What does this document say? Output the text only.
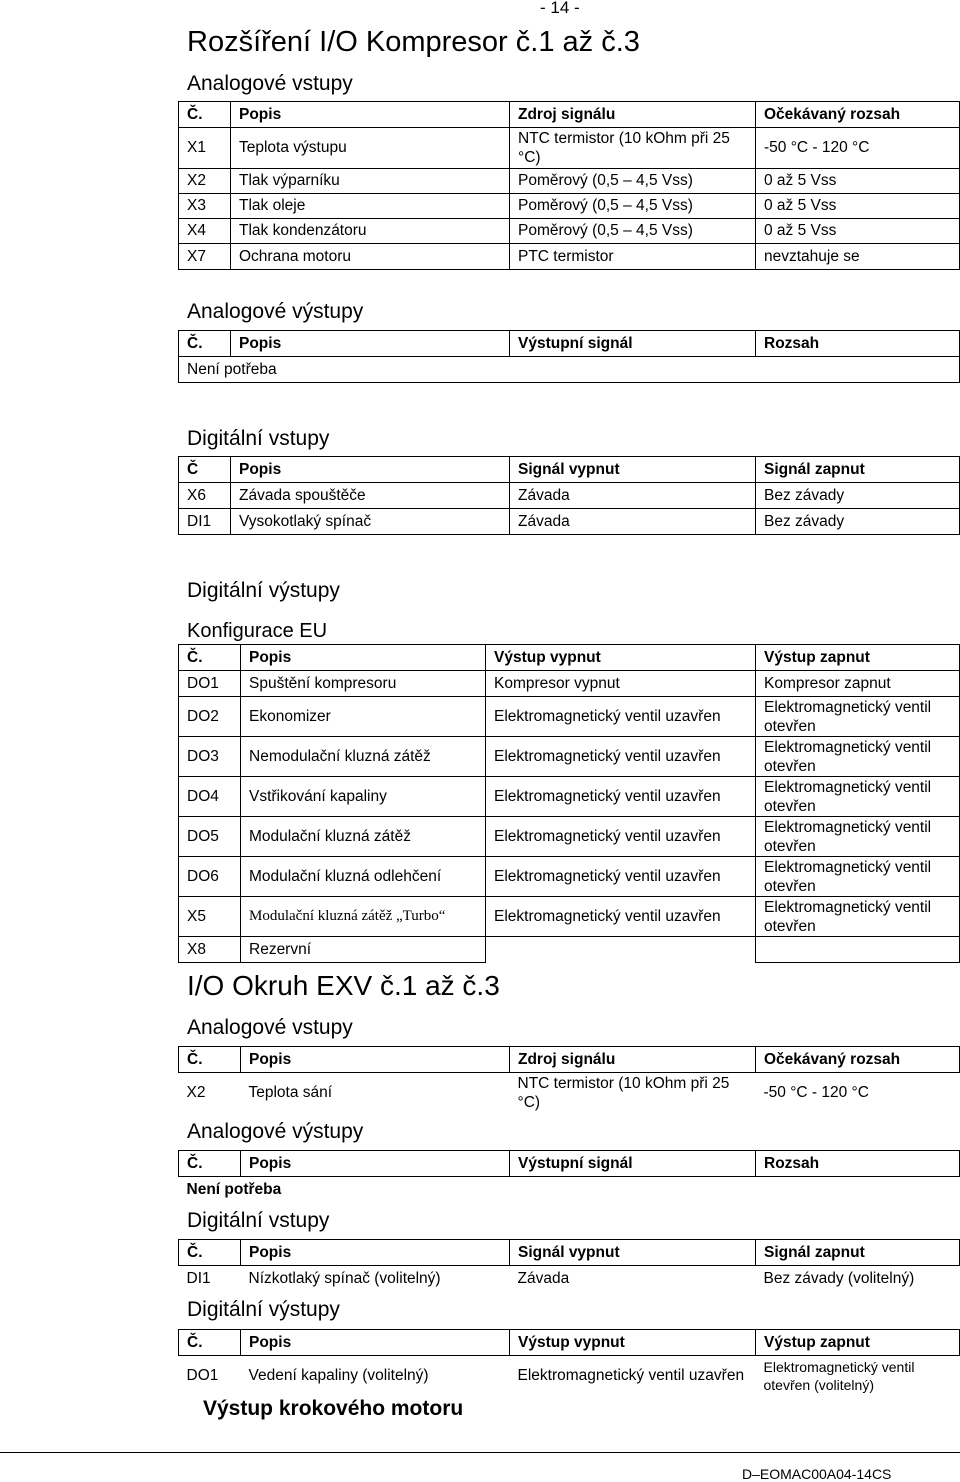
- 14 -
Rozšíření I/O Kompresor č.1 až č.3
Analogové vstupy
Č.	Popis	Zdroj signálu	Očekávaný rozsah
X1	Teplota výstupu	NTC termistor (10 kOhm při 25 °C)	-50 °C - 120 °C
X2	Tlak výparníku	Poměrový (0,5 – 4,5 Vss)	0 až 5 Vss
X3	Tlak oleje	Poměrový (0,5 – 4,5 Vss)	0 až 5 Vss
X4	Tlak kondenzátoru	Poměrový (0,5 – 4,5 Vss)	0 až 5 Vss
X7	Ochrana motoru	PTC termistor	nevztahuje se
Analogové výstupy
Č.	Popis	Výstupní signál	Rozsah
Není potřeba
Digitální vstupy
Č	Popis	Signál vypnut	Signál zapnut
X6	Závada spouštěče	Závada	Bez závady
DI1	Vysokotlaký spínač	Závada	Bez závady
Digitální výstupy
Konfigurace EU
Č.	Popis	Výstup vypnut	Výstup zapnut
DO1	Spuštění kompresoru	Kompresor vypnut	Kompresor zapnut
DO2	Ekonomizer	Elektromagnetický ventil uzavřen	Elektromagnetický ventil otevřen
DO3	Nemodulační kluzná zátěž	Elektromagnetický ventil uzavřen	Elektromagnetický ventil otevřen
DO4	Vstřikování kapaliny	Elektromagnetický ventil uzavřen	Elektromagnetický ventil otevřen
DO5	Modulační kluzná zátěž	Elektromagnetický ventil uzavřen	Elektromagnetický ventil otevřen
DO6	Modulační kluzná odlehčení	Elektromagnetický ventil uzavřen	Elektromagnetický ventil otevřen
X5	Modulační kluzná zátěž „Turbo“	Elektromagnetický ventil uzavřen	Elektromagnetický ventil otevřen
X8	Rezervní		
I/O Okruh EXV č.1 až č.3
Analogové vstupy
Č.	Popis	Zdroj signálu	Očekávaný rozsah
X2	Teplota sání	NTC termistor (10 kOhm při 25 °C)	-50 °C - 120 °C
Analogové výstupy
Č.	Popis	Výstupní signál	Rozsah
Není potřeba
Digitální vstupy
Č.	Popis	Signál vypnut	Signál zapnut
DI1	Nízkotlaký spínač (volitelný)	Závada	Bez závady (volitelný)
Digitální výstupy
Č.	Popis	Výstup vypnut	Výstup zapnut
DO1	Vedení kapaliny (volitelný)	Elektromagnetický ventil uzavřen	Elektromagnetický ventil otevřen (volitelný)
Výstup krokového motoru
D–EOMAC00A04-14CS
